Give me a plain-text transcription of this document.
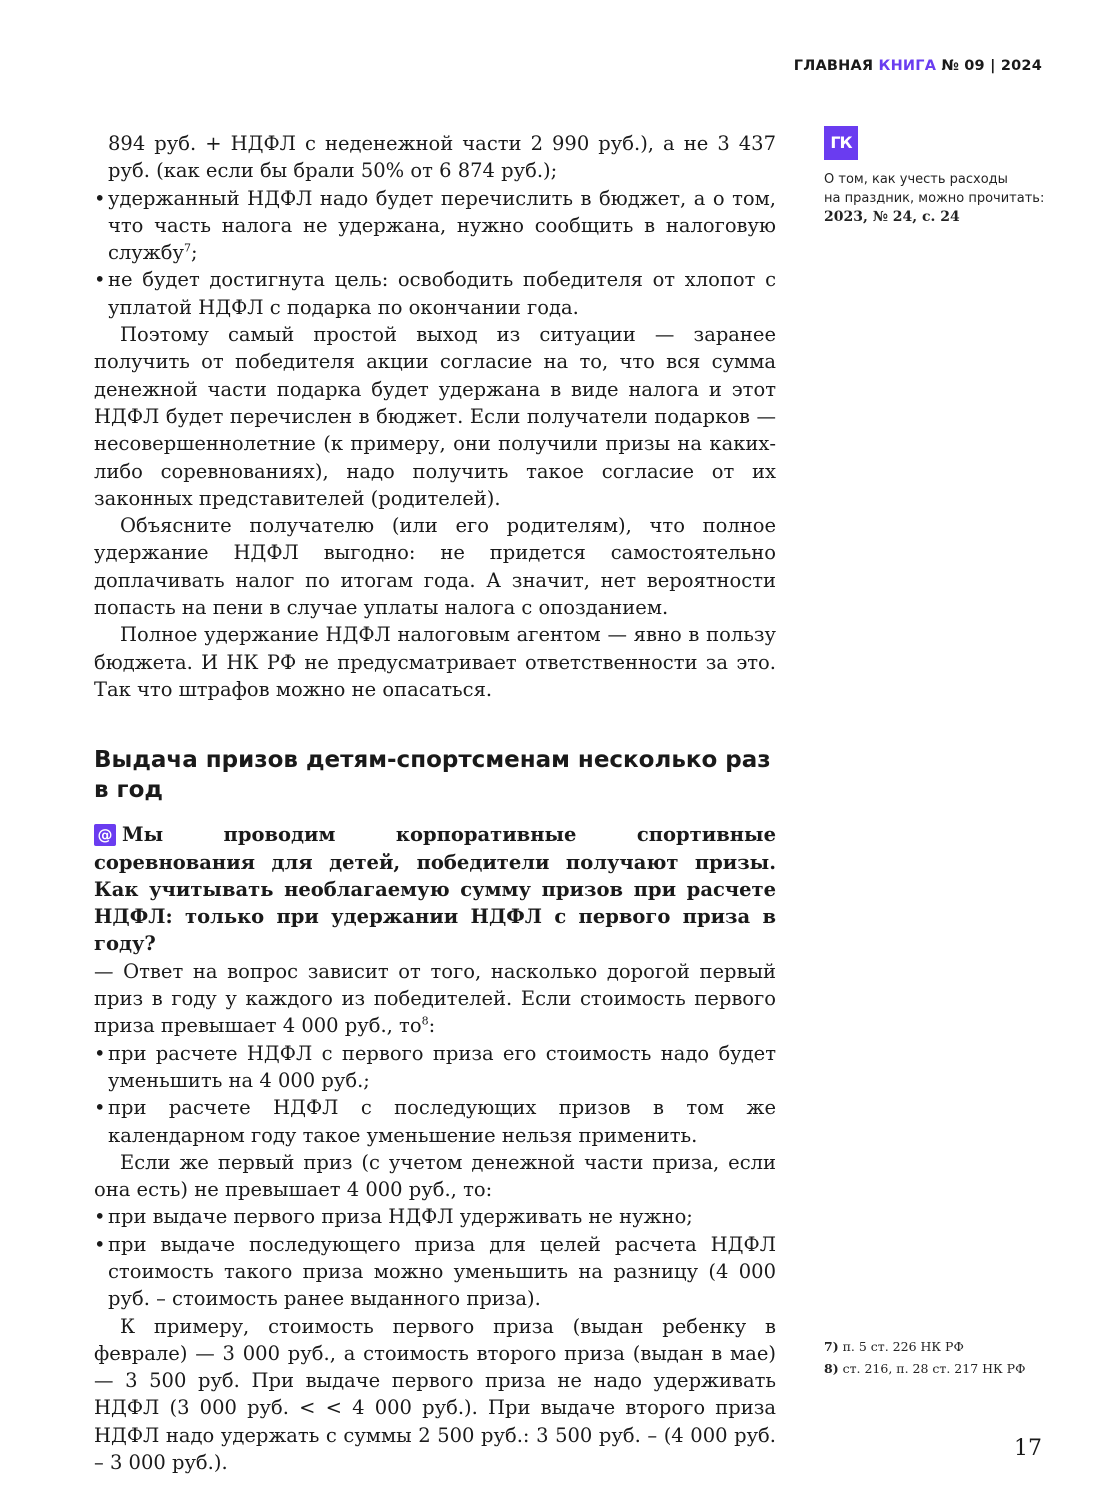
ГЛАВНАЯ КНИГА № 09 | 2024
ГК
О том, как учесть расходы
на праздник, можно прочитать:
2023, № 24, с. 24

894 руб. + НДФЛ с неденежной части 2 990 руб.), а не 3 437 руб. (как если бы брали 50% от 6 874 руб.);

• удержанный НДФЛ надо будет перечислить в бюджет, а о том, что часть налога не удержана, нужно сообщить в налоговую службу$^7$;

• не будет достигнута цель: освободить победителя от хлопот с уплатой НДФЛ с подарка по окончании года.

Поэтому самый простой выход из ситуации — заранее получить от победителя акции согласие на то, что вся сумма денежной части подарка будет удержана в виде налога и этот НДФЛ будет перечислен в бюджет. Если получатели подарков — несовершеннолетние (к примеру, они получили призы на каких-либо соревнованиях), надо получить такое согласие от их законных представителей (родителей).

Объясните получателю (или его родителям), что полное удержание НДФЛ выгодно: не придется самостоятельно доплачивать налог по итогам года. А значит, нет вероятности попасть на пени в случае уплаты налога с опозданием.

Полное удержание НДФЛ налоговым агентом — явно в пользу бюджета. И НК РФ не предусматривает ответственности за это. Так что штрафов можно не опасаться.

Выдача призов детям-спортсменам несколько раз в год

@ Мы проводим корпоративные спортивные соревнования для детей, победители получают призы. Как учитывать необлагаемую сумму призов при расчете НДФЛ: только при удержании НДФЛ с первого приза в году?

— Ответ на вопрос зависит от того, насколько дорогой первый приз в году у каждого из победителей. Если стоимость первого приза превышает 4 000 руб., $то^8$:

• при расчете НДФЛ с первого приза его стоимость надо будет уменьшить на 4 000 руб.;

• при расчете НДФЛ с последующих призов в том же календарном году такое уменьшение нельзя применить.

Если же первый приз (с учетом денежной части приза, если она есть) не превышает 4 000 руб., то:

• при выдаче первого приза НДФЛ удерживать не нужно;

• при выдаче последующего приза для целей расчета НДФЛ стоимость такого приза можно уменьшить на разницу (4 000 руб. – стоимость ранее выданного приза).

К примеру, стоимость первого приза (выдан ребенку в феврале) — 3 000 руб., а стоимость второго приза (выдан в мае) — 3 500 руб. При выдаче первого приза не надо удерживать НДФЛ (3 000 руб. < < 4 000 руб.). При выдаче второго приза НДФЛ надо удержать с суммы 2 500 руб.: 3 500 руб. – (4 000 руб. – 3 000 руб.).

7) п. 5 ст. 226 НК РФ
8) ст. 216, п. 28 ст. 217 НК РФ
17
